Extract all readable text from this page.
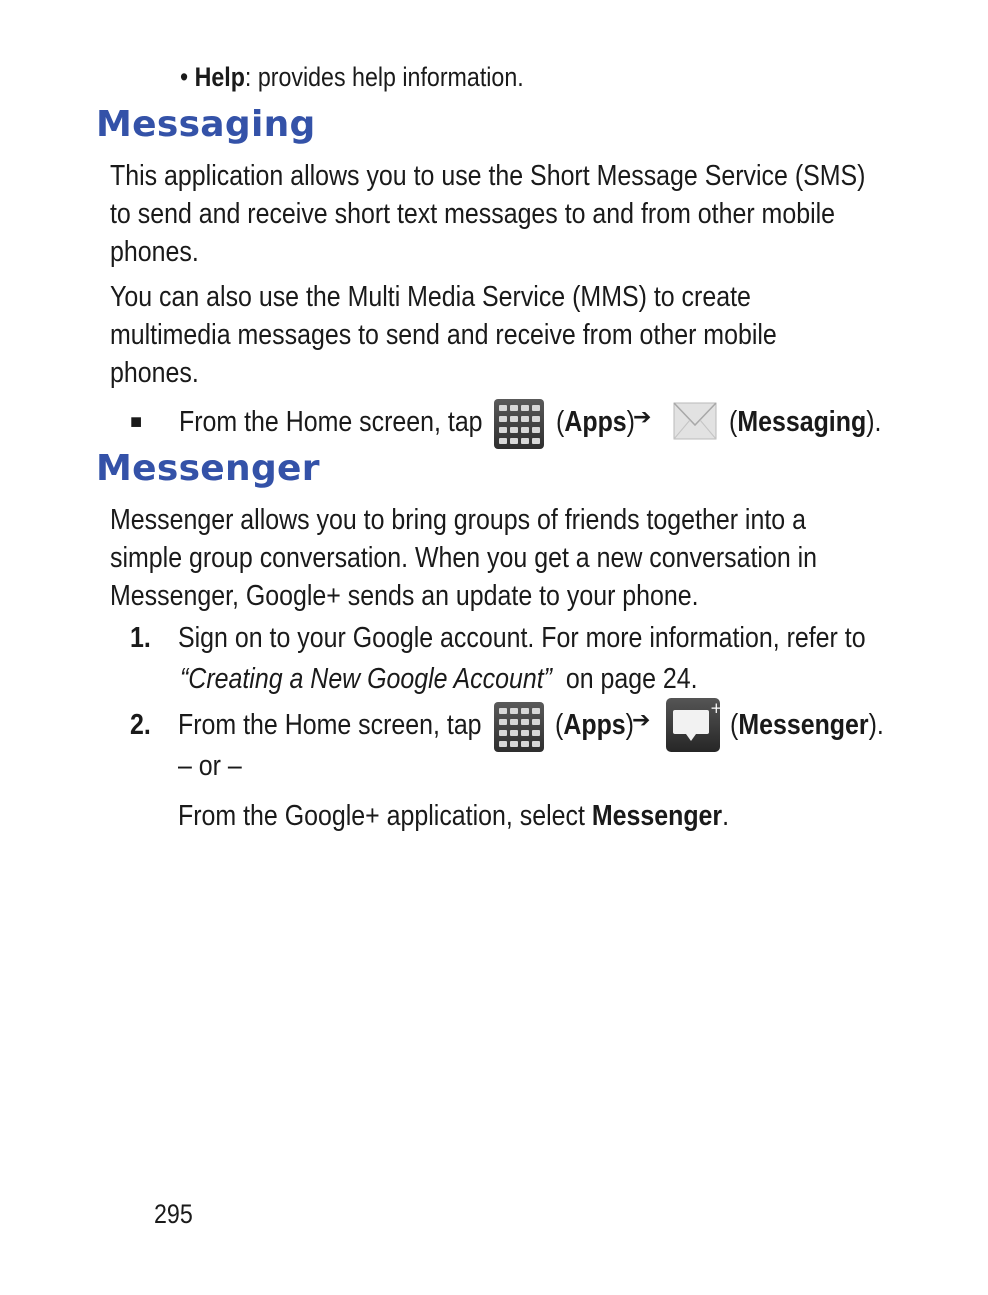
• Help: provides help information.
Messaging
This application allows you to use the Short Message Service (SMS)
to send and receive short text messages to and from other mobile
phones.
You can also use the Multi Media Service (MMS) to create
multimedia messages to send and receive from other mobile
phones.
■ From the Home screen, tap	(Apps)
➔	(Messaging).
Messenger
Messenger allows you to bring groups of friends together into a
simple group conversation. When you get a new conversation in
Messenger, Google+ sends an update to your phone.
1. Sign on to your Google account. For more information, refer to
“Creating a New Google Account” on page 24.
2. From the Home screen, tap	(Apps)
➔	+
(Messenger).
– or –
From the Google+ application, select Messenger.
295
